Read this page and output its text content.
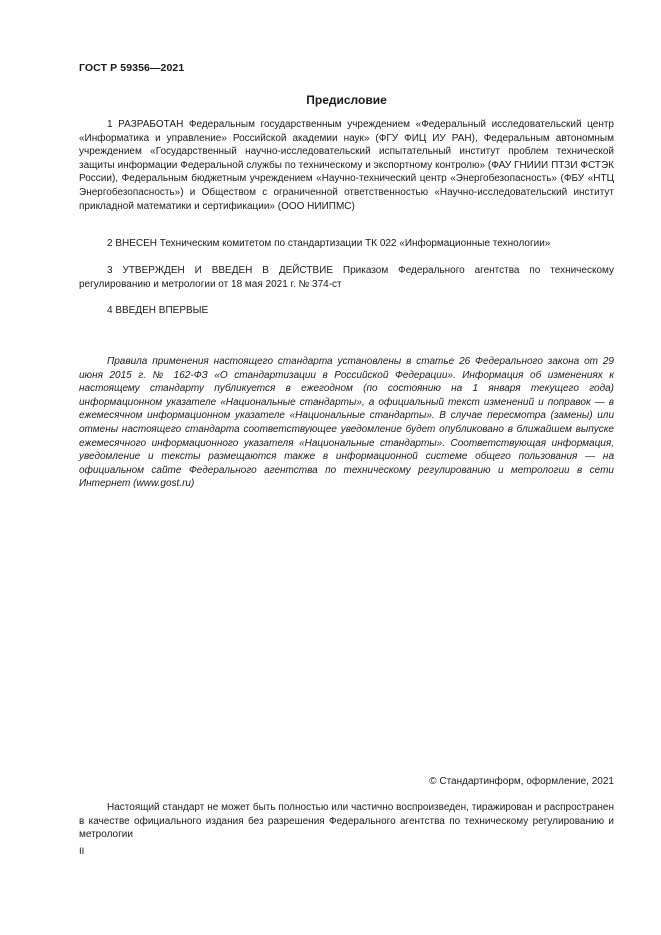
ГОСТ Р 59356—2021
Предисловие

1 РАЗРАБОТАН Федеральным государственным учреждением «Федеральный исследовательский центр «Информатика и управление» Российской академии наук» (ФГУ ФИЦ ИУ РАН), Федеральным автономным учреждением «Государственный научно-исследовательский испытательный институт проблем технической защиты информации Федеральной службы по техническому и экспортному контролю» (ФАУ ГНИИИ ПТЗИ ФСТЭК России), Федеральным бюджетным учреждением «Научно-технический центр «Энергобезопасность» (ФБУ «НТЦ Энергобезопасность») и Обществом с ограниченной ответственностью «Научно-исследовательский институт прикладной математики и сертификации» (ООО НИИПМС)

2 ВНЕСЕН Техническим комитетом по стандартизации ТК 022 «Информационные технологии»

3 УТВЕРЖДЕН И ВВЕДЕН В ДЕЙСТВИЕ Приказом Федерального агентства по техническому регулированию и метрологии от 18 мая 2021 г. № 374-ст

4 ВВЕДЕН ВПЕРВЫЕ

Правила применения настоящего стандарта установлены в статье 26 Федерального закона от 29 июня 2015 г. № 162-ФЗ «О стандартизации в Российской Федерации». Информация об изменениях к настоящему стандарту публикуется в ежегодном (по состоянию на 1 января текущего года) информационном указателе «Национальные стандарты», а официальный текст изменений и поправок — в ежемесячном информационном указателе «Национальные стандарты». В случае пересмотра (замены) или отмены настоящего стандарта соответствующее уведомление будет опубликовано в ближайшем выпуске ежемесячного информационного указателя «Национальные стандарты». Соответствующая информация, уведомление и тексты размещаются также в информационной системе общего пользования — на официальном сайте Федерального агентства по техническому регулированию и метрологии в сети Интернет (www.gost.ru)

© Стандартинформ, оформление, 2021

Настоящий стандарт не может быть полностью или частично воспроизведен, тиражирован и распространен в качестве официального издания без разрешения Федерального агентства по техническому регулированию и метрологии

II
